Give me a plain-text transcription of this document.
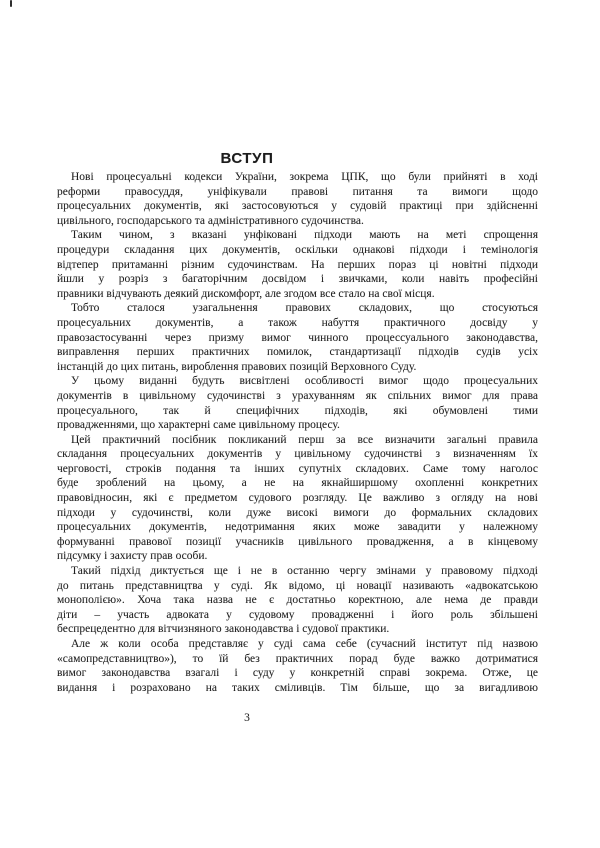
ВСТУП
Нові процесуальні кодекси України, зокрема ЦПК, що були прийняті в ході
реформи правосуддя, уніфікували правові питання та вимоги щодо
процесуальних документів, які застосовуються у судовій практиці при здійсненні
цивільного, господарського та адміністративного судочинства.
Таким чином, з вказані унфіковані підходи мають на меті спрощення
процедури складання цих документів, оскільки однакові підходи і темінологія
відтепер притаманні різним судочинствам. На перших пораз ці новітні підходи
йшли у розріз з багаторічним досвідом і звичками, коли навіть професійні
правники відчувають деякий дискомфорт, але згодом все стало на свої місця.
Тобто сталося узагальнення правових складових, що стосуються
процесуальних документів, а також набуття практичного досвіду у
правозастосуванні через призму вимог чинного процессуального законодавства,
виправлення перших практичних помилок, стандартизації підходів судів усіх
інстанцій до цих питань, вироблення правових позицій Верховного Суду.
У цьому виданні будуть висвітлені особливості вимог щодо процесуальних
документів в цивільному судочинстві з урахуванням як спільних вимог для права
процесуального, так й специфічних підходів, які обумовлені тими
провадженнями, що характерні саме цивільному процесу.
Цей практичний посібник покликаний перш за все визначити загальні правила
складання процесуальних документів у цивільному судочинстві з визначенням їх
черговості, строків подання та інших супутніх складових. Саме тому наголос
буде зроблений на цьому, а не на якнайширшому охопленні конкретних
правовідносин, які є предметом судового розгляду. Це важливо з огляду на нові
підходи у судочинстві, коли дуже високі вимоги до формальних складових
процесуальних документів, недотримання яких може завадити у належному
формуванні правової позиції учасників цивільного провадження, а в кінцевому
підсумку і захисту прав особи.
Такий підхід диктується ще і не в останню чергу змінами у правовому підході
до питань представництва у суді. Як відомо, ці новації називають «адвокатською
монополією». Хоча така назва не є достатньо коректною, але нема де правди
діти – участь адвоката у судовому провадженні і його роль збільшені
беспрецедентно для вітчизняного законодавства і судової практики.
Але ж коли особа представляє у суді сама себе (сучасний інститут під назвою
«самопредставництво»), то їй без практичних порад буде важко дотриматися
вимог законодавства взагалі і суду у конкретній справі зокрема. Отже, це
видання і розраховано на таких сміливців. Тім більше, що за вигадливою
3
